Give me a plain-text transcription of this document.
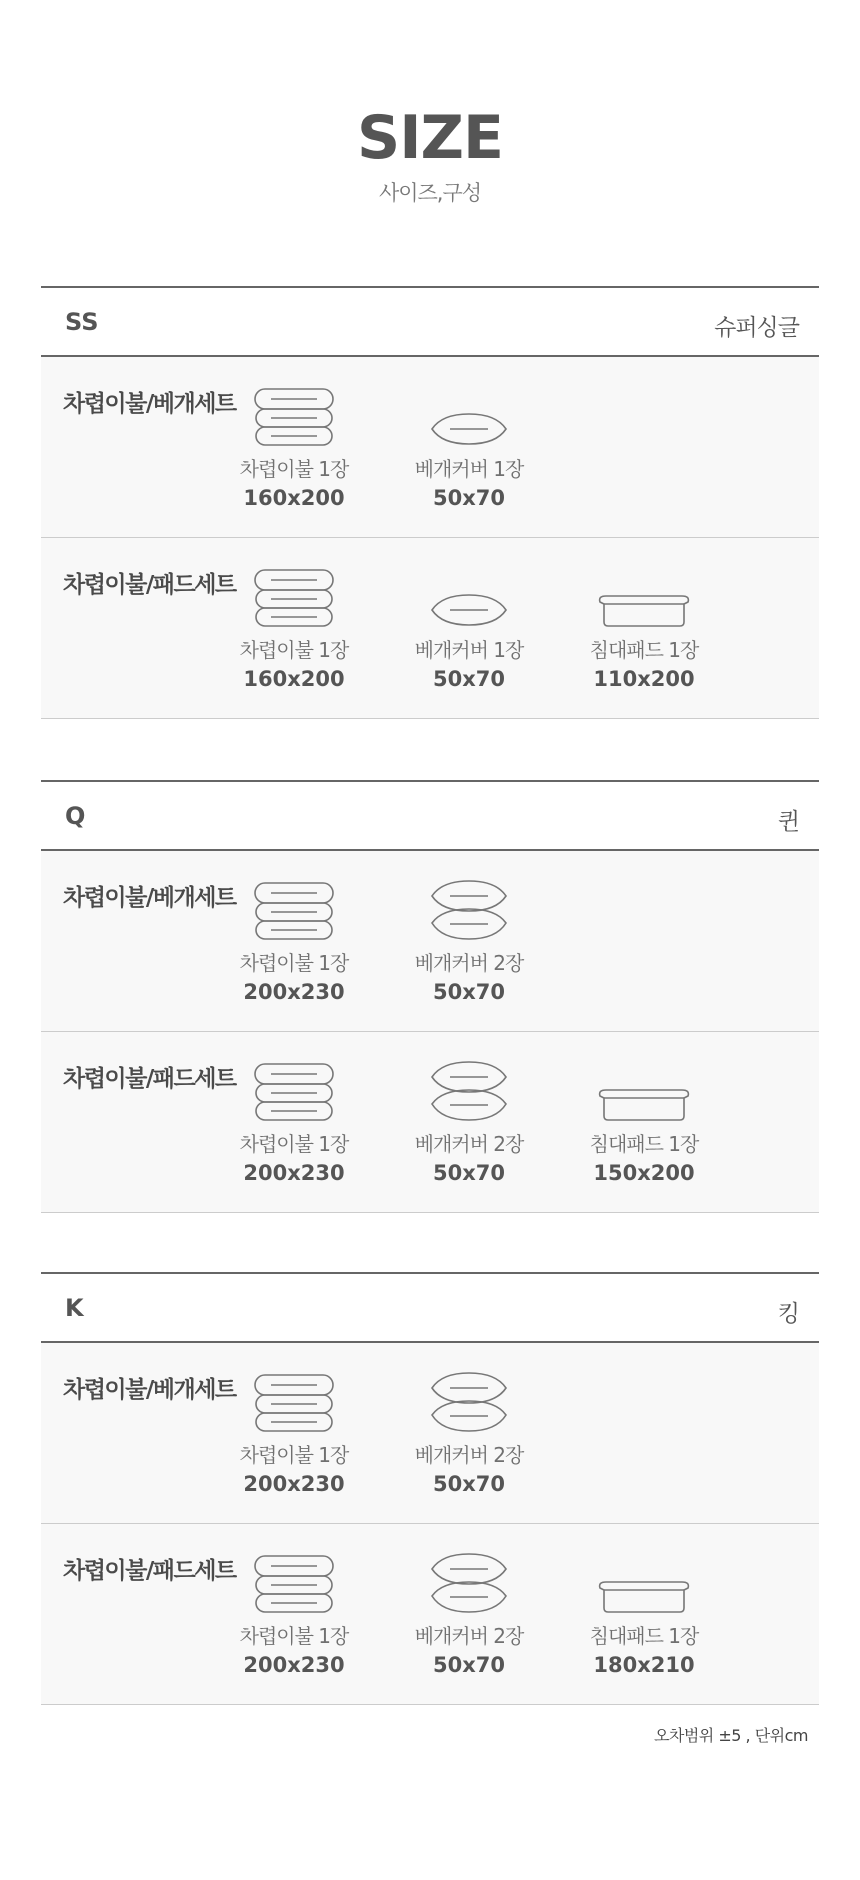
SIZE
사이즈,구성
SS	슈퍼싱글
차렵이불/베개세트
차렵이불 1장
160x200
베개커버 1장
50x70
차렵이불/패드세트
차렵이불 1장
160x200
베개커버 1장
50x70
침대패드 1장
110x200
Q	퀸
차렵이불/베개세트
차렵이불 1장
200x230
베개커버 2장
50x70
차렵이불/패드세트
차렵이불 1장
200x230
베개커버 2장
50x70
침대패드 1장
150x200
K	킹
차렵이불/베개세트
차렵이불 1장
200x230
베개커버 2장
50x70
차렵이불/패드세트
차렵이불 1장
200x230
베개커버 2장
50x70
침대패드 1장
180x210
오차범위 ±5 , 단위cm
